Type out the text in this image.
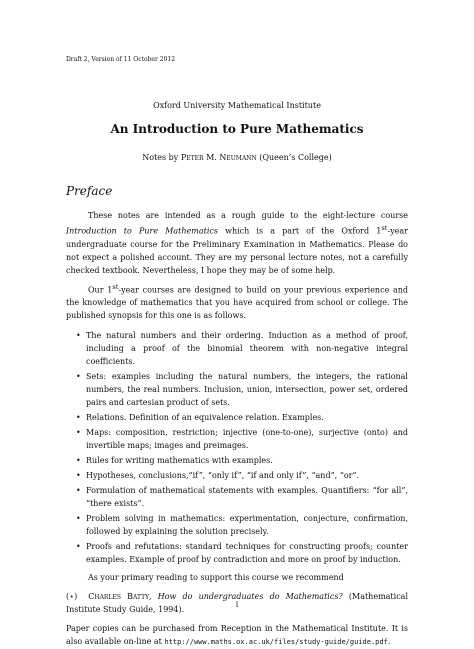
Draft 2, Version of 11 October 2012
Oxford University Mathematical Institute
An Introduction to Pure Mathematics
Notes by Peter M. Neumann (Queen’s College)
Preface

These notes are intended as a rough guide to the eight-lecture course Introduction to Pure Mathematics which is a part of the Oxford 1st-year undergraduate course for the Preliminary Examination in Mathematics. Please do not expect a polished account. They are my personal lecture notes, not a carefully checked textbook. Nevertheless, I hope they may be of some help.

Our 1st-year courses are designed to build on your previous experience and the knowledge of mathematics that you have acquired from school or college. The published synopsis for this one is as follows.

• The natural numbers and their ordering. Induction as a method of proof, including a proof of the binomial theorem with non-negative integral coefficients.
• Sets: examples including the natural numbers, the integers, the rational numbers, the real numbers. Inclusion, union, intersection, power set, ordered pairs and cartesian product of sets.
• Relations. Definition of an equivalence relation. Examples.
• Maps: composition, restriction; injective (one-to-one), surjective (onto) and invertible maps; images and preimages.
• Rules for writing mathematics with examples.
• Hypotheses, conclusions,“if”, “only if”, “if and only if”, “and”, “or”.
• Formulation of mathematical statements with examples. Quantifiers: “for all”, “there exists”.
• Problem solving in mathematics: experimentation, conjecture, confirmation, followed by explaining the solution precisely.
• Proofs and refutations: standard techniques for constructing proofs; counter examples. Example of proof by contradiction and more on proof by induction.

As your primary reading to support this course we recommend

(⋆) Charles Batty, How do undergraduates do Mathematics? (Mathematical Institute Study Guide, 1994).

Paper copies can be purchased from Reception in the Mathematical Institute. It is also available on-line at http://www.maths.ox.ac.uk/files/study-guide/guide.pdf.

i
